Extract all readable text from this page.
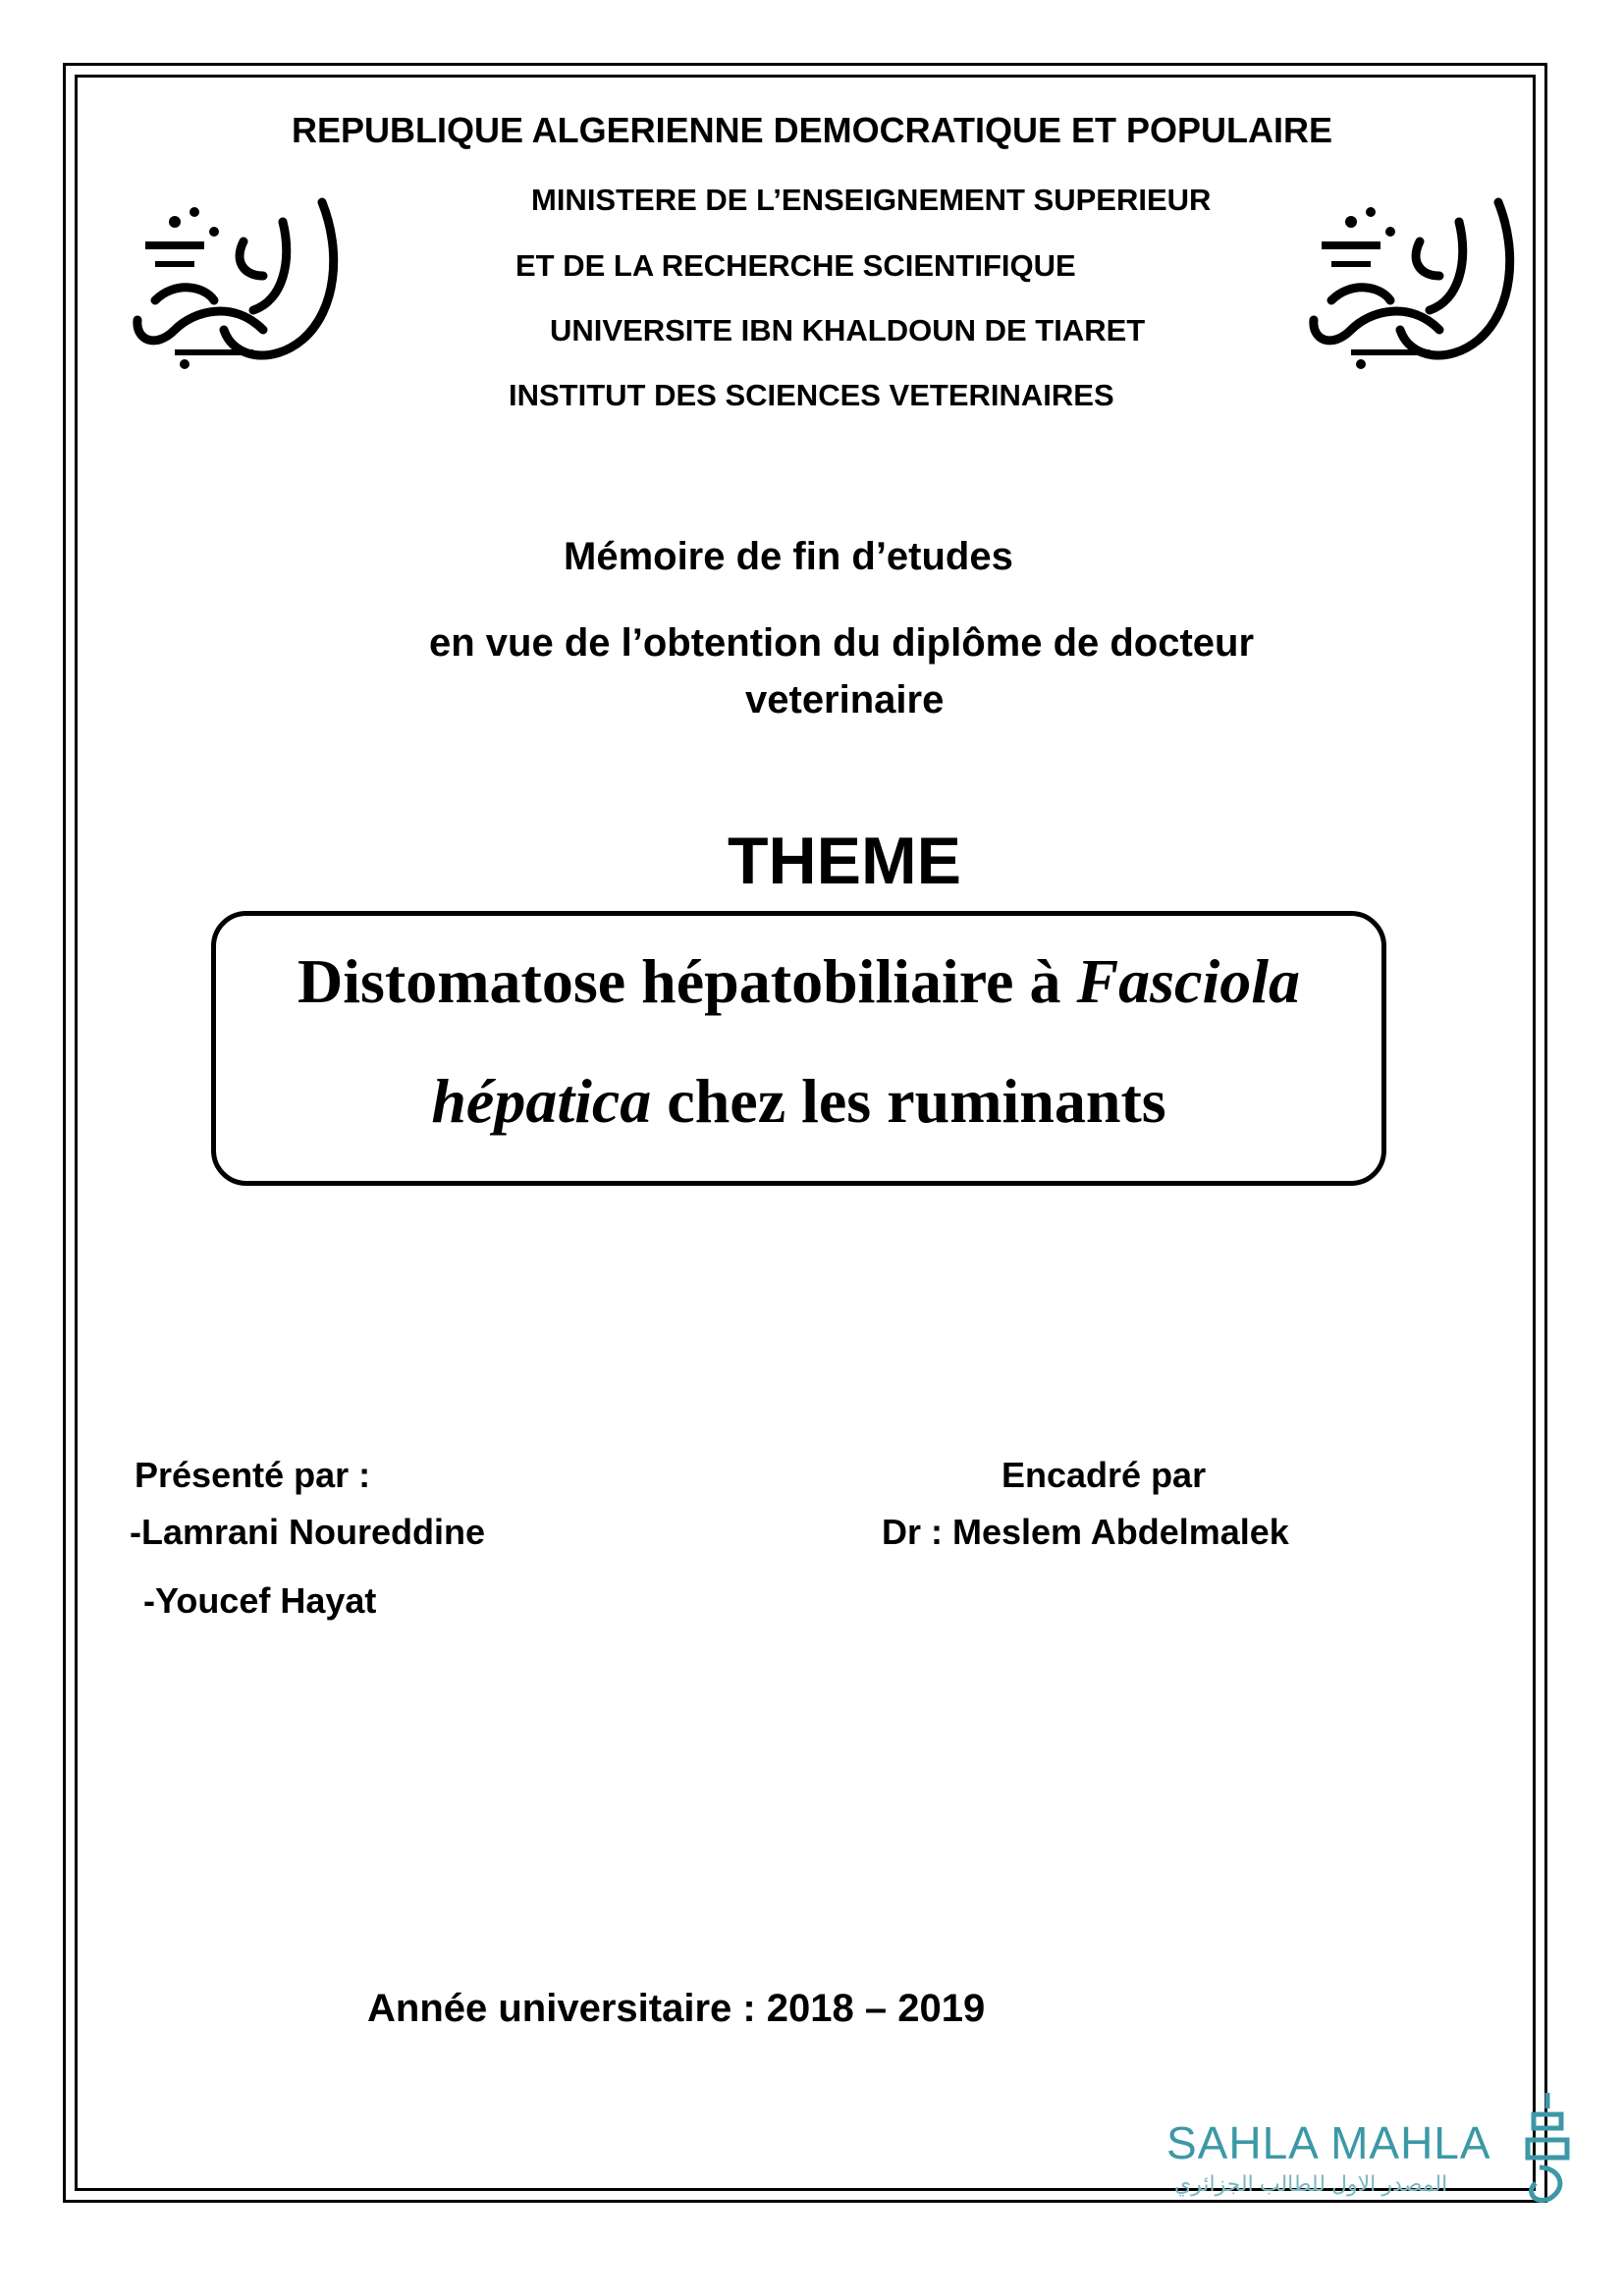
REPUBLIQUE ALGERIENNE DEMOCRATIQUE ET POPULAIRE
MINISTERE DE L’ENSEIGNEMENT SUPERIEUR
ET DE LA RECHERCHE SCIENTIFIQUE
UNIVERSITE IBN KHALDOUN DE TIARET
INSTITUT DES SCIENCES VETERINAIRES
Mémoire de fin d’etudes
en vue de l’obtention du diplôme de docteur
veterinaire
THEME
Distomatose hépatobiliaire à Fasciola
hépatica chez les ruminants
Présenté par :
-Lamrani Noureddine
-Youcef Hayat
Encadré par
Dr : Meslem Abdelmalek
Année universitaire : 2018 – 2019
SAHLA MAHLA
المصدر الاول للطالب الجزائري
